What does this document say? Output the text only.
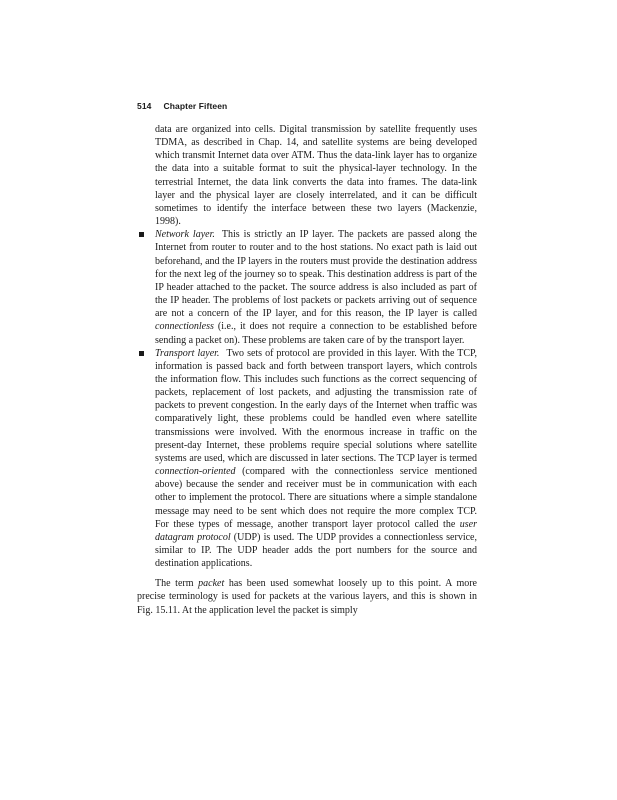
514 Chapter Fifteen

data are organized into cells. Digital transmission by satellite frequently uses TDMA, as described in Chap. 14, and satellite systems are being developed which transmit Internet data over ATM. Thus the data-link layer has to organize the data into a suitable format to suit the physical-layer technology. In the terrestrial Internet, the data link converts the data into frames. The data-link layer and the physical layer are closely interrelated, and it can be difficult sometimes to identify the interface between these two layers (Mackenzie, 1998).

Network layer. This is strictly an IP layer. The packets are passed along the Internet from router to router and to the host stations. No exact path is laid out beforehand, and the IP layers in the routers must provide the destination address for the next leg of the journey so to speak. This destination address is part of the IP header attached to the packet. The source address is also included as part of the IP header. The problems of lost packets or packets arriving out of sequence are not a concern of the IP layer, and for this reason, the IP layer is called connectionless (i.e., it does not require a connection to be established before sending a packet on). These problems are taken care of by the transport layer.
Transport layer. Two sets of protocol are provided in this layer. With the TCP, information is passed back and forth between transport layers, which controls the information flow. This includes such functions as the correct sequencing of packets, replacement of lost packets, and adjusting the transmission rate of packets to prevent congestion. In the early days of the Internet when traffic was comparatively light, these problems could be handled even where satellite transmissions were involved. With the enormous increase in traffic on the present-day Internet, these problems require special solutions where satellite systems are used, which are discussed in later sections. The TCP layer is termed connection-oriented (compared with the connectionless service mentioned above) because the sender and receiver must be in communication with each other to implement the protocol. There are situations where a simple standalone message may need to be sent which does not require the more complex TCP. For these types of message, another transport layer protocol called the user datagram protocol (UDP) is used. The UDP provides a connectionless service, similar to IP. The UDP header adds the port numbers for the source and destination applications.

The term packet has been used somewhat loosely up to this point. A more precise terminology is used for packets at the various layers, and this is shown in Fig. 15.11. At the application level the packet is simply
